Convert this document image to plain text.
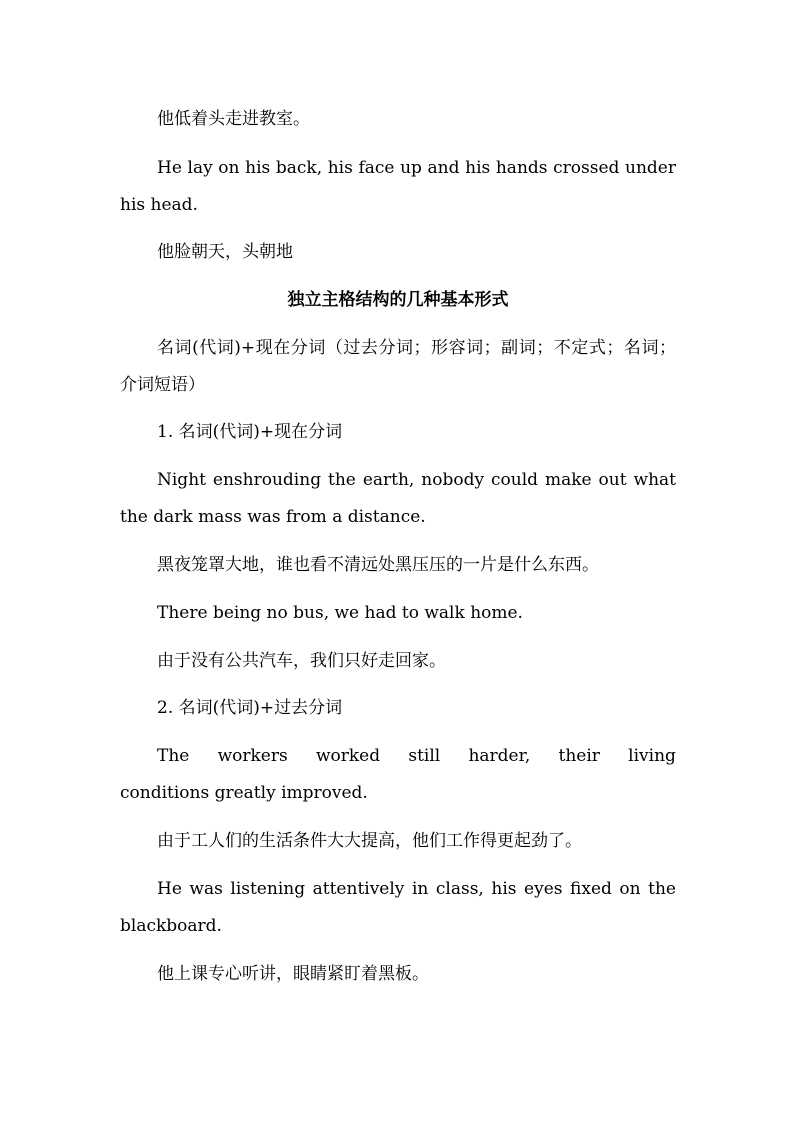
他低着头走进教室。

He lay on his back, his face up and his hands crossed under his head.

他脸朝天，头朝地

独立主格结构的几种基本形式

名词(代词)+现在分词（过去分词；形容词；副词；不定式；名词；介词短语）

1. 名词(代词)+现在分词

Night enshrouding the earth, nobody could make out what the dark mass was from a distance.

黑夜笼罩大地，谁也看不清远处黑压压的一片是什么东西。

There being no bus, we had to walk home.

由于没有公共汽车，我们只好走回家。

2. 名词(代词)+过去分词

The workers worked still harder, their living
conditions greatly improved.

由于工人们的生活条件大大提高，他们工作得更起劲了。

He was listening attentively in class, his eyes fixed on the blackboard.

他上课专心听讲，眼睛紧盯着黑板。
